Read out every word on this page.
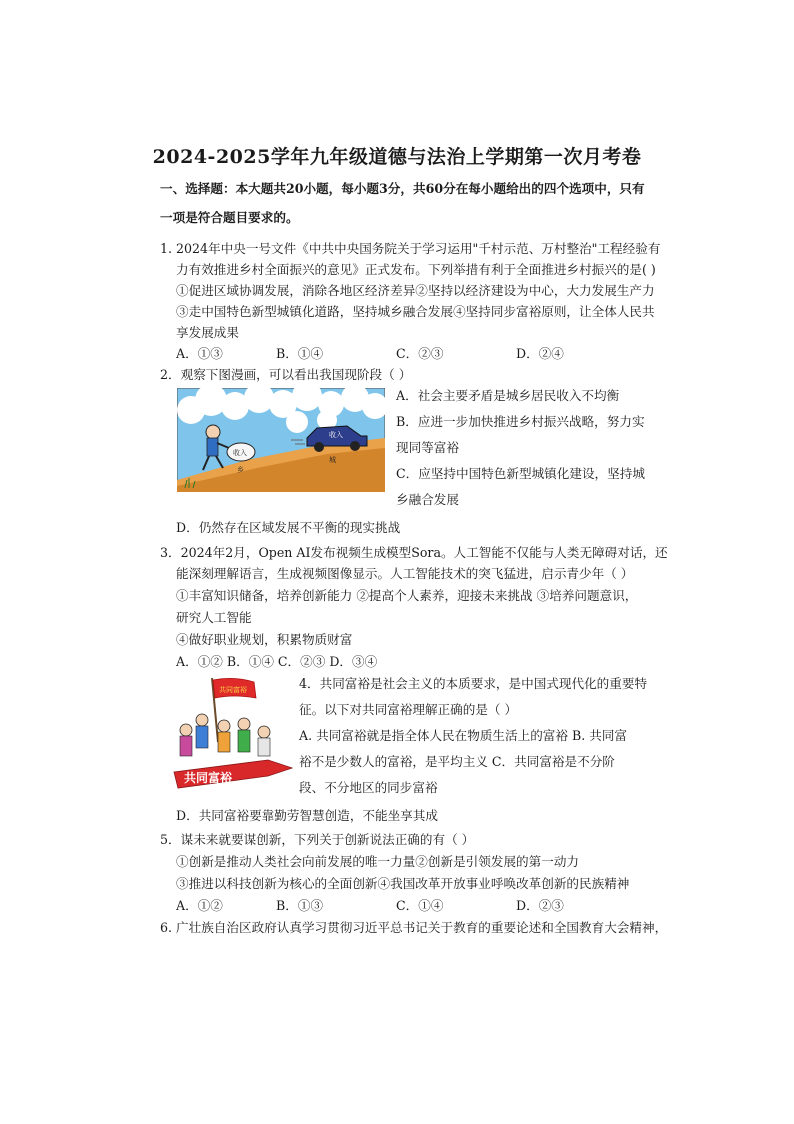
2024-2025学年九年级道德与法治上学期第一次月考卷
一、选择题：本大题共20小题，每小题3分，共60分在每小题给出的四个选项中，只有
一项是符合题目要求的。
1. 2024年中央一号文件《中共中央国务院关于学习运用"千村示范、万村整治"工程经验有
力有效推进乡村全面振兴的意见》正式发布。下列举措有利于全面推进乡村振兴的是( )
①促进区域协调发展，消除各地区经济差异②坚持以经济建设为中心，大力发展生产力
③走中国特色新型城镇化道路，坚持城乡融合发展④坚持同步富裕原则，让全体人民共
享发展成果
A．①③	B．①④	C．②③	D．②④
2．观察下图漫画，可以看出我国现阶段（ ）
收入
乡
收入
城
A．社会主要矛盾是城乡居民收入不均衡
B．应进一步加快推进乡村振兴战略，努力实
现同等富裕
C．应坚持中国特色新型城镇化建设，坚持城
乡融合发展
D．仍然存在区域发展不平衡的现实挑战
3．2024年2月，Open AI发布视频生成模型Sora。人工智能不仅能与人类无障碍对话，还
能深刻理解语言，生成视频图像显示。人工智能技术的突飞猛进，启示青少年（ ）
①丰富知识储备，培养创新能力 ②提高个人素养，迎接未来挑战 ③培养问题意识，
研究人工智能
④做好职业规划，积累物质财富
A．①② B．①④ C．②③ D．③④
共同富裕
共同富裕
4．共同富裕是社会主义的本质要求，是中国式现代化的重要特
征。以下对共同富裕理解正确的是（ ）
A. 共同富裕就是指全体人民在物质生活上的富裕 B. 共同富
裕不是少数人的富裕，是平均主义 C．共同富裕是不分阶
段、不分地区的同步富裕
D．共同富裕要靠勤劳智慧创造，不能坐享其成
5．谋未来就要谋创新，下列关于创新说法正确的有（ ）
①创新是推动人类社会向前发展的唯一力量②创新是引领发展的第一动力
③推进以科技创新为核心的全面创新④我国改革开放事业呼唤改革创新的民族精神
A．①②	B．①③	C．①④	D．②③
6. 广壮族自治区政府认真学习贯彻习近平总书记关于教育的重要论述和全国教育大会精神，
